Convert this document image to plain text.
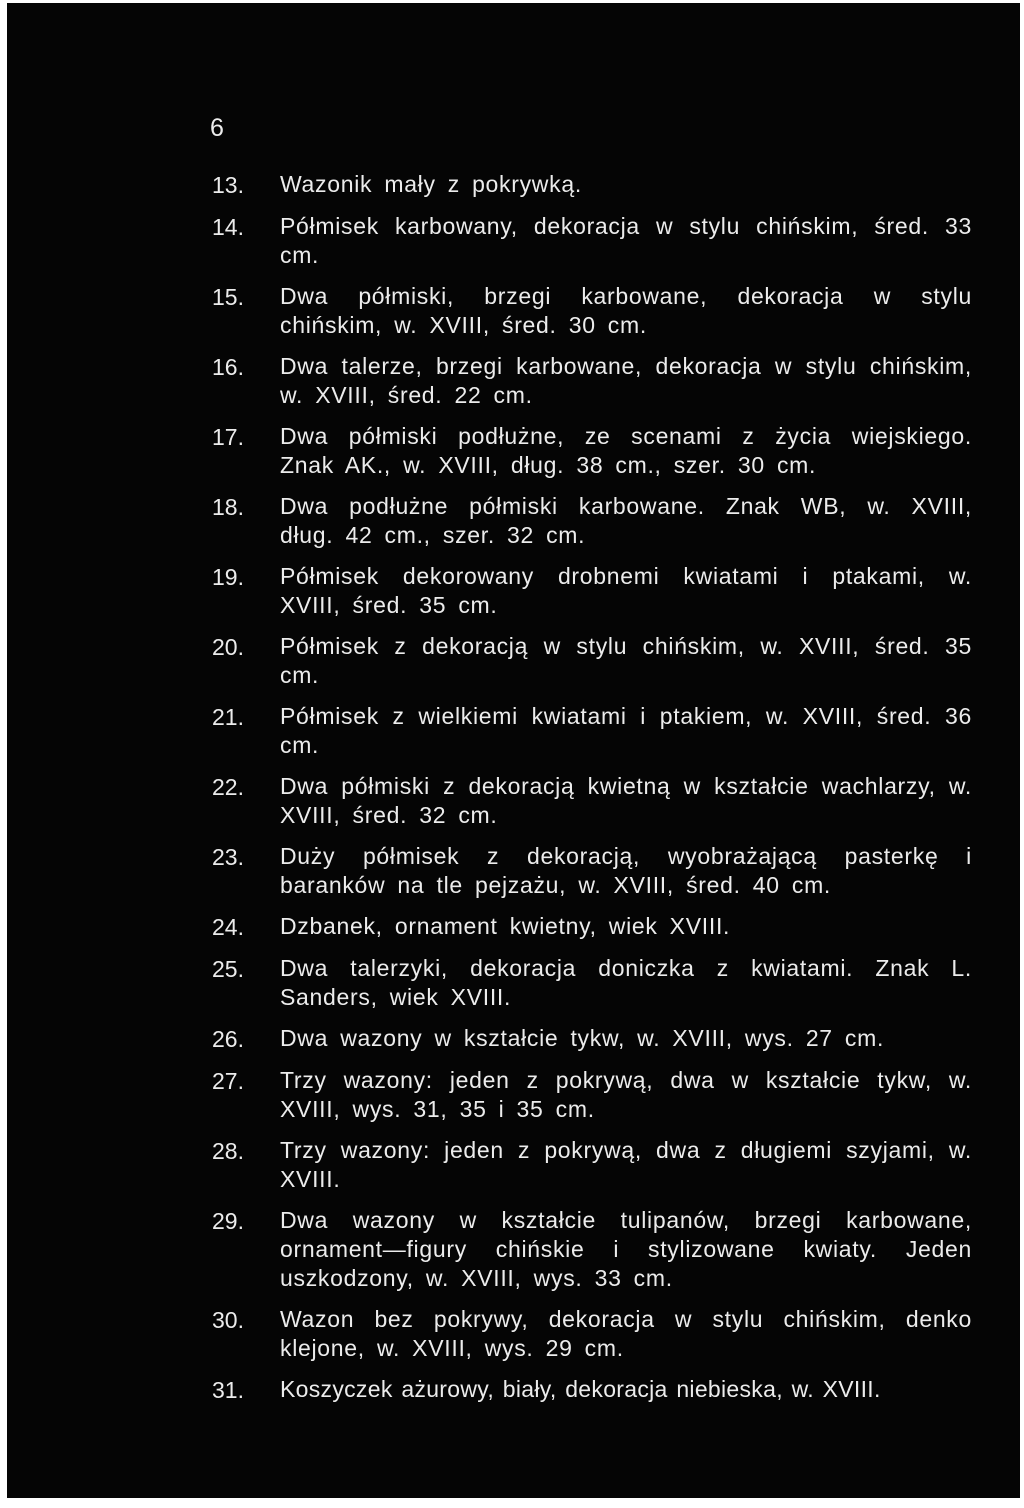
6
13.	Wazonik mały z pokrywką.
14.	Półmisek karbowany, dekoracja w stylu chińskim, śred. 33 cm.
15.	Dwa półmiski, brzegi karbowane, dekoracja w stylu chińskim, w. XVIII, śred. 30 cm.
16.	Dwa talerze, brzegi karbowane, dekoracja w stylu chińskim, w. XVIII, śred. 22 cm.
17.	Dwa półmiski podłużne, ze scenami z życia wiejskiego. Znak AK., w. XVIII, dług. 38 cm., szer. 30 cm.
18.	Dwa podłużne półmiski karbowane. Znak WB, w. XVIII, dług. 42 cm., szer. 32 cm.
19.	Półmisek dekorowany drobnemi kwiatami i ptakami, w. XVIII, śred. 35 cm.
20.	Półmisek z dekoracją w stylu chińskim, w. XVIII, śred. 35 cm.
21.	Półmisek z wielkiemi kwiatami i ptakiem, w. XVIII, śred. 36 cm.
22.	Dwa półmiski z dekoracją kwietną w kształcie wachlarzy, w. XVIII, śred. 32 cm.
23.	Duży półmisek z dekoracją, wyobrażającą pasterkę i baranków na tle pejzażu, w. XVIII, śred. 40 cm.
24.	Dzbanek, ornament kwietny, wiek XVIII.
25.	Dwa talerzyki, dekoracja doniczka z kwiatami. Znak L. Sanders, wiek XVIII.
26.	Dwa wazony w kształcie tykw, w. XVIII, wys. 27 cm.
27.	Trzy wazony: jeden z pokrywą, dwa w kształcie tykw, w. XVIII, wys. 31, 35 i 35 cm.
28.	Trzy wazony: jeden z pokrywą, dwa z długiemi szyjami, w. XVIII.
29.	Dwa wazony w kształcie tulipanów, brzegi karbowane, ornament—figury chińskie i stylizowane kwiaty. Jeden uszkodzony, w. XVIII, wys. 33 cm.
30.	Wazon bez pokrywy, dekoracja w stylu chińskim, denko klejone, w. XVIII, wys. 29 cm.
31.	Koszyczek ażurowy, biały, dekoracja niebieska, w. XVIII.
